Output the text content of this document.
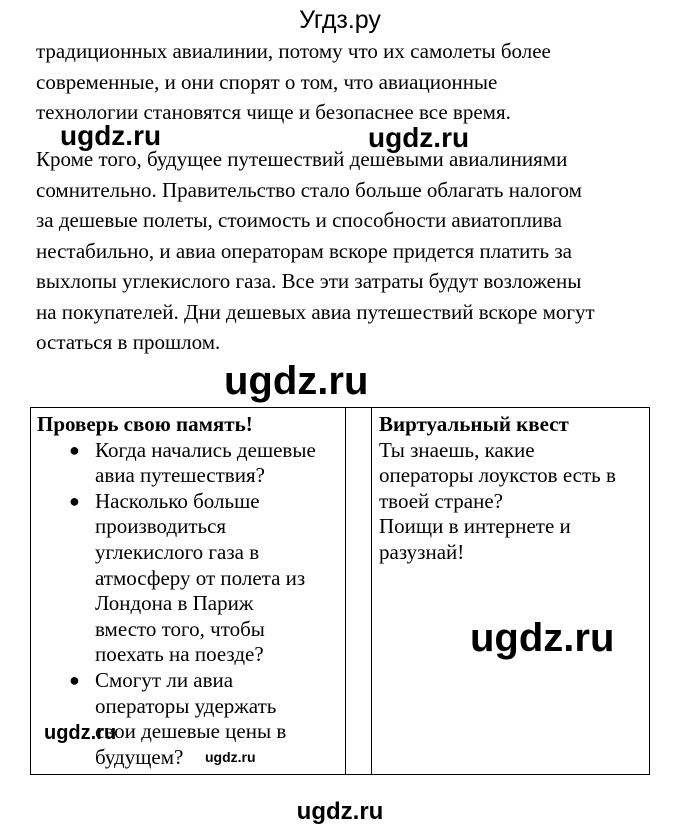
Угдз.ру
традиционных авиалинии, потому что их самолеты более
современные, и они спорят о том, что авиационные
технологии становятся чище и безопаснее все время.
Кроме того, будущее путешествий дешевыми авиалиниями
сомнительно. Правительство стало больше облагать налогом
за дешевые полеты, стоимость и способности авиатоплива
нестабильно, и авиа операторам вскоре придется платить за
выхлопы углекислого газа. Все эти затраты будут возложены
на покупателей. Дни дешевых авиа путешествий вскоре могут
остаться в прошлом.
ugdz.ru	ugdz.ru
ugdz.ru
Проверь свою память!
● Когда начались дешевые
авиа путешествия?
● Насколько больше
производиться
углекислого газа в
атмосферу от полета из
Лондона в Париж
вместо того, чтобы
поехать на поезде?
● Смогут ли авиа
операторы удержать
свои дешевые цены в
будущем?
Виртуальный квест
Ты знаешь, какие
операторы лоукстов есть в
твоей стране?
Поищи в интернете и
разузнай!
ugdz.ru
ugdz.ru
ugdz.ru
ugdz.ru
